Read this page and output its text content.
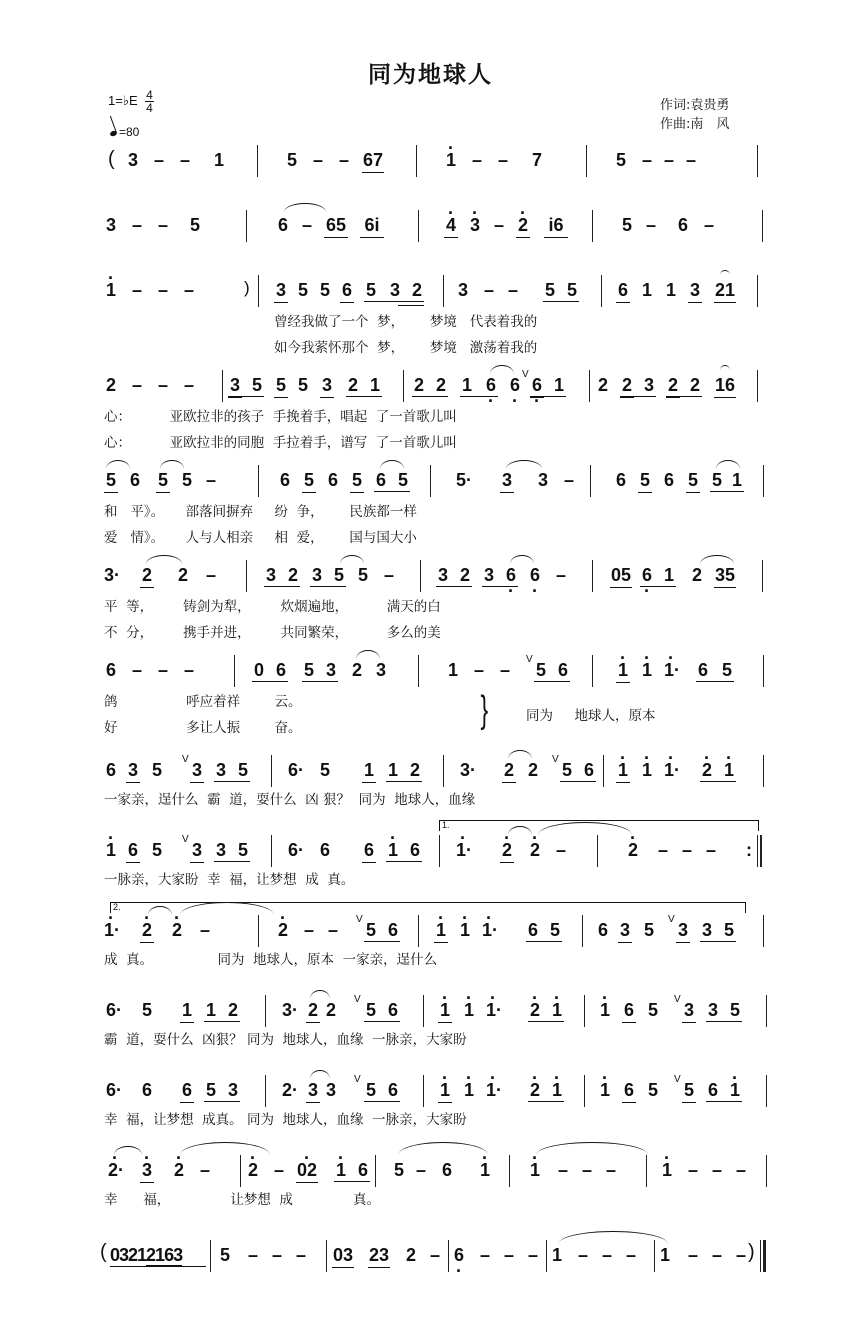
同为地球人
1=♭E 4
4
=80
作词:袁贵勇
作曲:南　风
( 3 – – 1	5 – – 67	· 1 – – 7	5 – – –
3 – – 5	6 – 65 6i	· 4 · 3 – · 2 i6	5 – 6 –
· 1 – – –	) 3 5 5 6 5 3 2 3 – – 5 5 6 1 1 3 21
曾经我做了一个  梦，      梦境   代表着我的
如今我萦怀那个  梦，      梦境   激荡着我的
2 – – – 3 5 5 5 3 2 1 2 2 1 · 6 · 6
V
· 6 1 2 2 3 2 2 16
心：         亚欧拉非的孩子  手挽着手，唱起  了一首歌儿叫
心：         亚欧拉非的同胞  手拉着手，谱写  了一首歌儿叫
5 6 5 5 –	6 5 6 5 6 5	5· 3 3 – 6 5 6 5 5 1
和   平》。     部落间摒弃     纷  争，      民族都一样
爱   情》。     人与人相亲     相  爱，      国与国大小
3· 2 2 –	3 2 3 5 5 – 3 2 3 · 6 · 6 – 05 · 6 1 2 35
平  等，       铸剑为犁，       炊烟遍地，         满天的白
不  分，       携手并进，       共同繁荣，         多么的美
6 – – –	0 6 5 3 2 3	1 – –
V
5 6	· 1 · 1 · 1· 6 5
鸽                呼应着祥        云。
好                多让人振        奋。	}	同为     地球人，原本
6 3 5
V
3 3 5 6· 5 1 1 2 3· 2 2
V
5 6 · 1 · 1 · 1· · 2 · 1
一家亲，逞什么  霸  道，耍什么  凶 狠？  同为  地球人，血缘
· 1 6 5
V
3 3 5 6· 6 6 · 1 6
1.
· 1· · 2 · 2 –	· 2 – – – :
一脉亲，大家盼  幸  福，让梦想  成  真。
2.
· 1· · 2 · 2 –	· 2 – –
V
5 6 · 1 · 1 · 1· 6 5 6 3 5
V
3 3 5
成  真。               同为  地球人，原本  一家亲，逞什么
6· 5 1 1 2 3· 2 2
V
5 6 · 1 · 1 · 1· · 2 · 1 · 1 6 5
V
3 3 5
霸  道，耍什么  凶狠？ 同为  地球人，血缘  一脉亲，大家盼
6· 6 6 5 3 2· 3 3
V
5 6 · 1 · 1 · 1· · 2 · 1 · 1 6 5
V
5 6 · 1
幸  福，让梦想  成真。 同为  地球人，血缘  一脉亲，大家盼
· 2· · 3 · 2 – · 2 – · 02 · 1 6 5 – 6 · 1 · 1 – – –	· 1 – – –
幸      福，              让梦想  成              真。
( 03212163	5 – – – 03 23 2 – · 6 – – – 1 – – – 1 – – – )
